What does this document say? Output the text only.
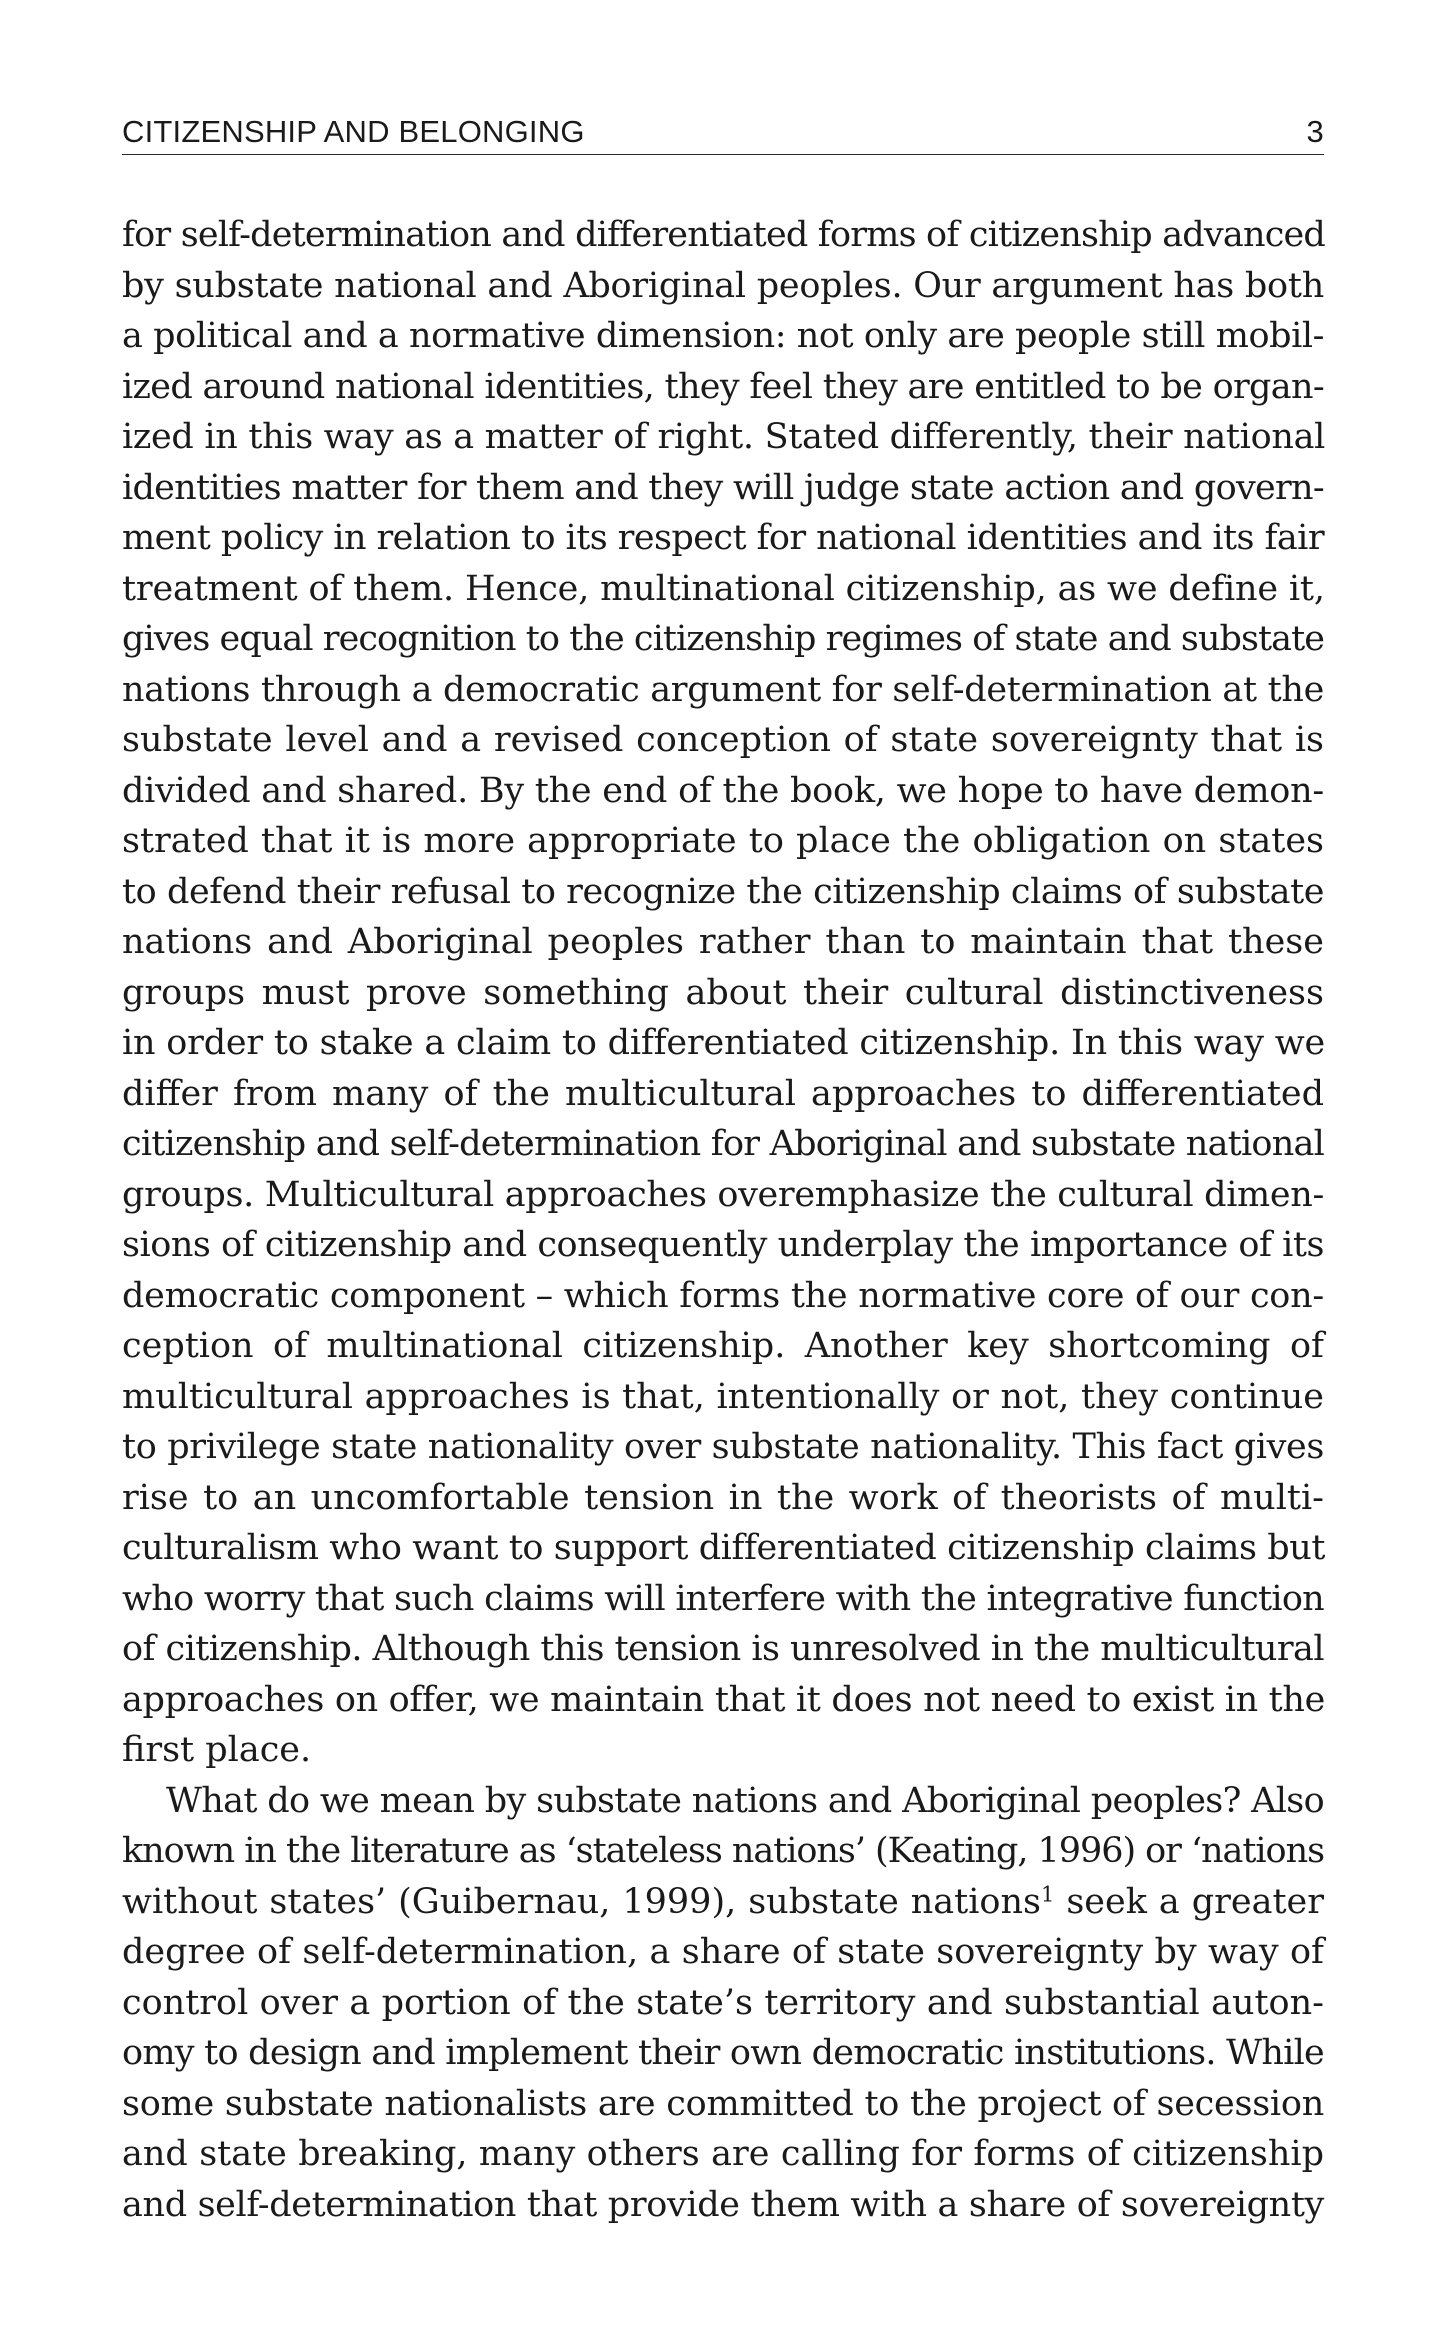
CITIZENSHIP AND BELONGING	3
for self-determination and differentiated forms of citizenship advanced
by substate national and Aboriginal peoples. Our argument has both
a political and a normative dimension: not only are people still mobil-
ized around national identities, they feel they are entitled to be organ-
ized in this way as a matter of right. Stated differently, their national
identities matter for them and they will judge state action and govern-
ment policy in relation to its respect for national identities and its fair
treatment of them. Hence, multinational citizenship, as we define it,
gives equal recognition to the citizenship regimes of state and substate
nations through a democratic argument for self-determination at the
substate level and a revised conception of state sovereignty that is
divided and shared. By the end of the book, we hope to have demon-
strated that it is more appropriate to place the obligation on states
to defend their refusal to recognize the citizenship claims of substate
nations and Aboriginal peoples rather than to maintain that these
groups must prove something about their cultural distinctiveness
in order to stake a claim to differentiated citizenship. In this way we
differ from many of the multicultural approaches to differentiated
citizenship and self-determination for Aboriginal and substate national
groups. Multicultural approaches overemphasize the cultural dimen-
sions of citizenship and consequently underplay the importance of its
democratic component – which forms the normative core of our con-
ception of multinational citizenship. Another key shortcoming of
multicultural approaches is that, intentionally or not, they continue
to privilege state nationality over substate nationality. This fact gives
rise to an uncomfortable tension in the work of theorists of multi-
culturalism who want to support differentiated citizenship claims but
who worry that such claims will interfere with the integrative function
of citizenship. Although this tension is unresolved in the multicultural
approaches on offer, we maintain that it does not need to exist in the
first place.
What do we mean by substate nations and Aboriginal peoples? Also
known in the literature as ‘stateless nations’ (Keating, 1996) or ‘nations
without states’ (Guibernau, 1999), substate nations$^1$ seek a greater
degree of self-determination, a share of state sovereignty by way of
control over a portion of the state’s territory and substantial auton-
omy to design and implement their own democratic institutions. While
some substate nationalists are committed to the project of secession
and state breaking, many others are calling for forms of citizenship
and self-determination that provide them with a share of sovereignty
